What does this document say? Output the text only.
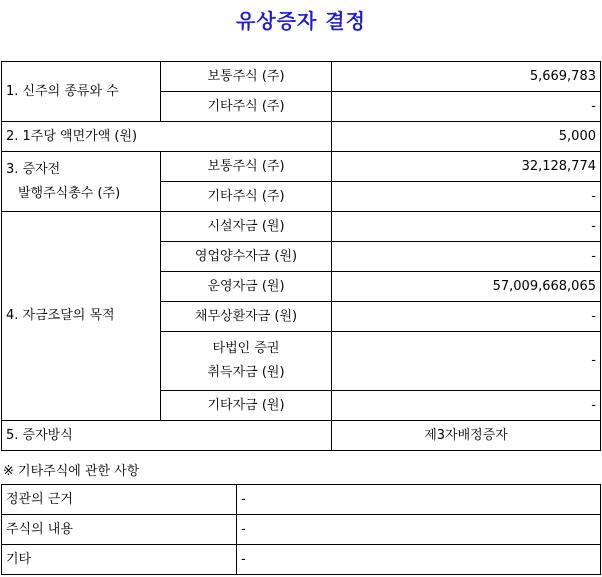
유상증자 결정
1. 신주의 종류와 수	보통주식 (주)	5,669,783
	기타주식 (주)	-
2. 1주당 액면가액 (원)		5,000

3. 증자전
발행주식총수 (주)	보통주식 (주)	32,128,774
	기타주식 (주)	-
4. 자금조달의 목적	시설자금 (원)	-
	영업양수자금 (원)	-
	운영자금 (원)	57,009,668,065
	채무상환자금 (원)	-

	타법인 증권
취득자금 (원)	-
	기타자금 (원)	-
5. 증자방식		제3자배정증자
※ 기타주식에 관한 사항
정관의 근거	-
주식의 내용	-
기타	-
